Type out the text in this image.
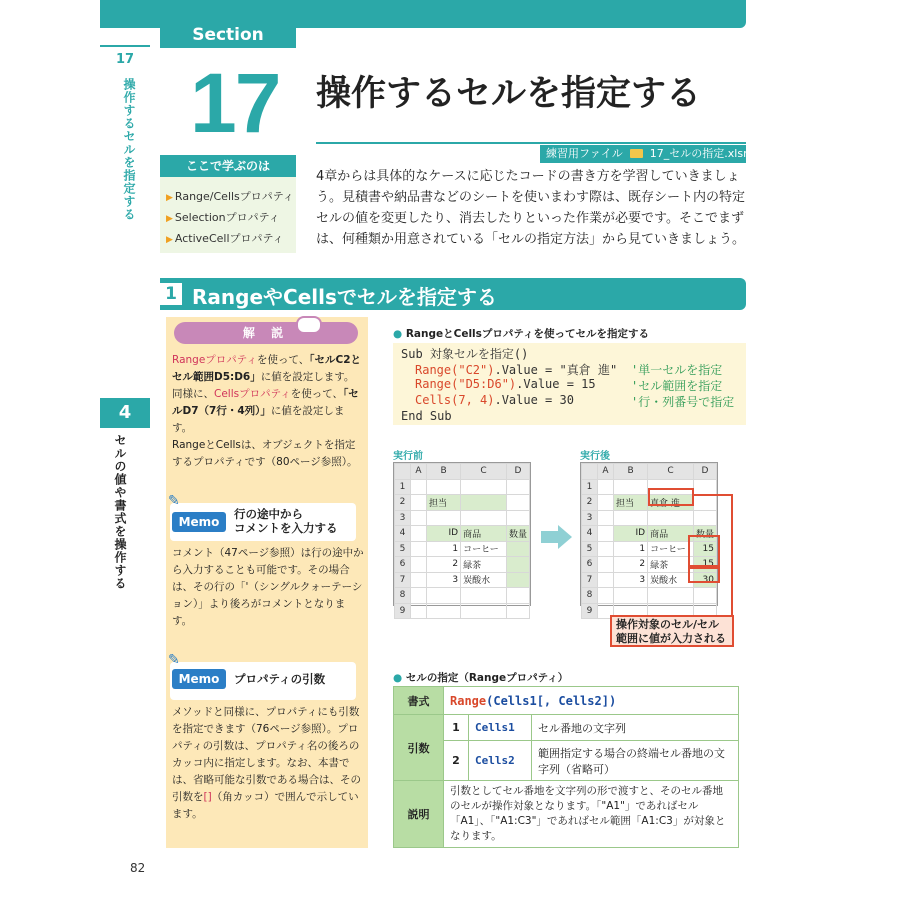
Section
17
操作するセルを指定する 17 操作するセルを指定する
練習用ファイル 17_セルの指定.xlsm
ここで学ぶのは
▶ Range/Cellsプロパティ
▶ Selectionプロパティ
▶ ActiveCellプロパティ
4章からは具体的なケースに応じたコードの書き方を学習していきましょう。見積書や納品書などのシートを使いまわす際は、既存シート内の特定セルの値を変更したり、消去したりといった作業が必要です。そこでまずは、何種類か用意されている「セルの指定方法」から見ていきましょう。
1 RangeやCellsでセルを指定する
4
セルの値や書式を操作する
解 説
Rangeプロパティを使って、「セルC2とセル範囲D5:D6」に値を設定します。
同様に、Cellsプロパティを使って、「セルD7（7行・4列）」に値を設定します。
RangeとCellsは、オブジェクトを指定するプロパティです（80ページ参照）。
✎
Memo
行の途中から
コメントを入力する
コメント（47ページ参照）は行の途中から入力することも可能です。その場合は、その行の「'（シングルクォーテーション）」より後ろがコメントとなります。
✎
Memo	プロパティの引数
メソッドと同様に、プロパティにも引数を指定できます（76ページ参照）。プロパティの引数は、プロパティ名の後ろのカッコ内に指定します。なお、本書では、省略可能な引数である場合は、その引数を[]（角カッコ）で囲んで示しています。
● RangeとCellsプロパティを使ってセルを指定する
Sub 対象セルを指定()
Range("C2").Value = "真倉 進" '単一セルを指定
Range("D5:D6").Value = 15	'セル範囲を指定
Cells(7, 4).Value = 30	'行・列番号で指定
End Sub
実行前
	A	B	C	D
1				
2		担当		
3				
4		ID	商品	数量
5		1	コーヒー	
6		2	緑茶	
7		3	炭酸水	
8				
9				
実行後
	A	B	C	D
1				
2		担当	真倉 進	
3				
4		ID	商品	数量
5		1	コーヒー	15
6		2	緑茶	15
7		3	炭酸水	30
8				
9				
操作対象のセル/セル範囲に値が入力される
● セルの指定（Rangeプロパティ）
書式	Range(Cells1[, Cells2])		
引数	1	Cells1	セル番地の文字列
	2	Cells2	範囲指定する場合の終端セル番地の文字列（省略可）
説明	引数としてセル番地を文字列の形で渡すと、そのセル番地のセルが操作対象となります。「"A1"」であればセル「A1」、「"A1:C3"」であればセル範囲「A1:C3」が対象となります。		
82
